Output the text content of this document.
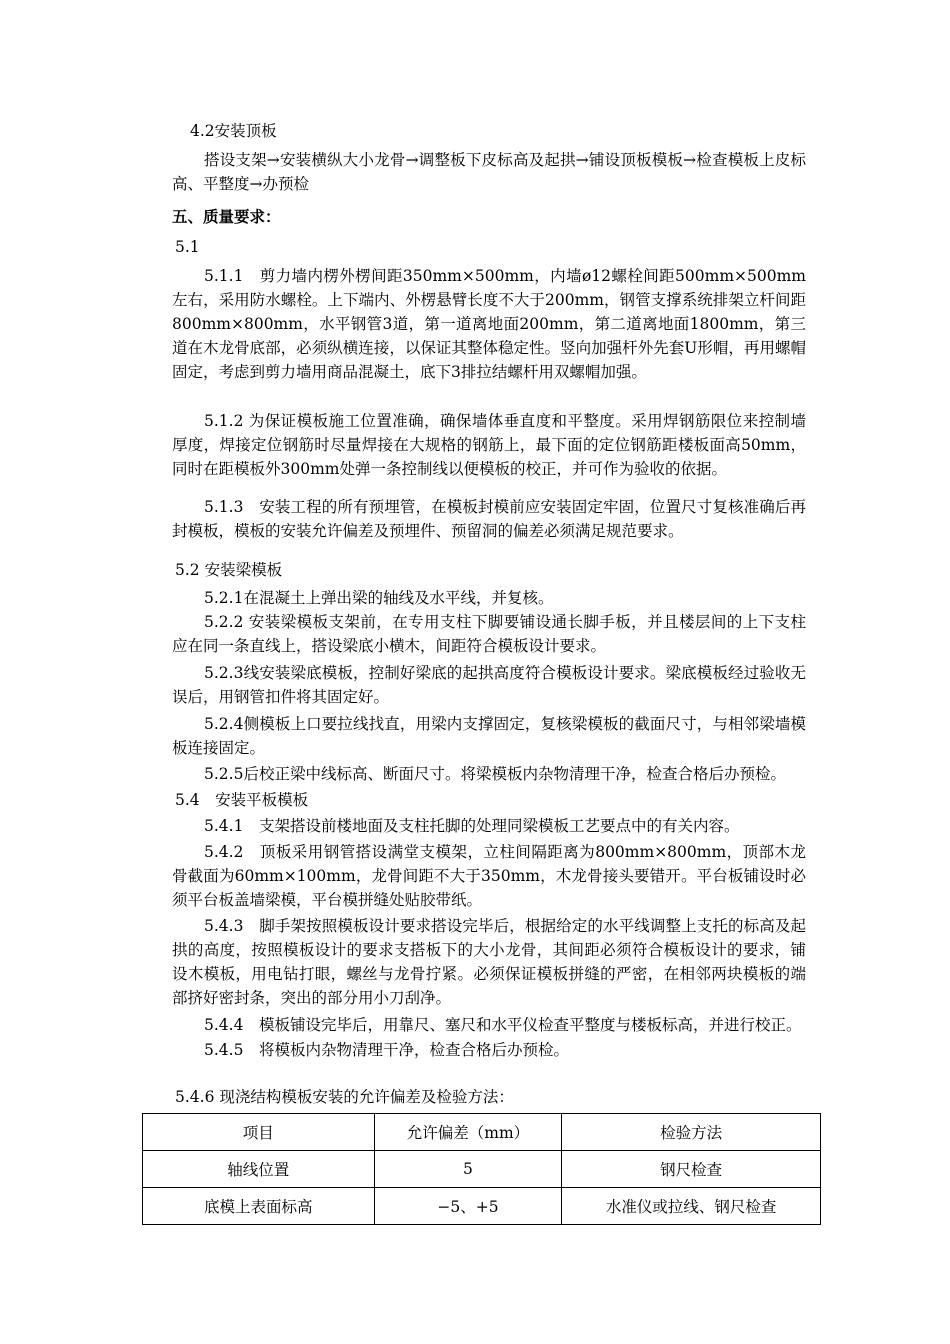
4.2安装顶板

搭设支架→安装横纵大小龙骨→调整板下皮标高及起拱→铺设顶板模板→检查模板上皮标高、平整度→办预检

五、质量要求：

5.1

5.1.1　剪力墙内楞外楞间距350mm×500mm，内墙ø12螺栓间距500mm×500mm左右，采用防水螺栓。上下端内、外楞悬臂长度不大于200mm，钢管支撑系统排架立杆间距800mm×800mm，水平钢管3道，第一道离地面200mm，第二道离地面1800mm，第三道在木龙骨底部，必须纵横连接，以保证其整体稳定性。竖向加强杆外先套U形帽，再用螺帽固定，考虑到剪力墙用商品混凝土，底下3排拉结螺杆用双螺帽加强。

5.1.2 为保证模板施工位置准确，确保墙体垂直度和平整度。采用焊钢筋限位来控制墙厚度，焊接定位钢筋时尽量焊接在大规格的钢筋上，最下面的定位钢筋距楼板面高50mm，同时在距模板外300mm处弹一条控制线以便模板的校正，并可作为验收的依据。

5.1.3　安装工程的所有预埋管，在模板封模前应安装固定牢固，位置尺寸复核准确后再封模板，模板的安装允许偏差及预埋件、预留洞的偏差必须满足规范要求。

5.2 安装梁模板

5.2.1在混凝土上弹出梁的轴线及水平线，并复核。

5.2.2 安装梁模板支架前，在专用支柱下脚要铺设通长脚手板，并且楼层间的上下支柱应在同一条直线上，搭设梁底小横木，间距符合模板设计要求。

5.2.3线安装梁底模板，控制好梁底的起拱高度符合模板设计要求。梁底模板经过验收无误后，用钢管扣件将其固定好。

5.2.4侧模板上口要拉线找直，用梁内支撑固定，复核梁模板的截面尺寸，与相邻梁墙模板连接固定。

5.2.5后校正梁中线标高、断面尺寸。将梁模板内杂物清理干净，检查合格后办预检。

5.4　安装平板模板

5.4.1　支架搭设前楼地面及支柱托脚的处理同梁模板工艺要点中的有关内容。

5.4.2　顶板采用钢管搭设满堂支模架，立柱间隔距离为800mm×800mm，顶部木龙骨截面为60mm×100mm，龙骨间距不大于350mm，木龙骨接头要错开。平台板铺设时必须平台板盖墙梁模，平台模拼缝处贴胶带纸。

5.4.3　脚手架按照模板设计要求搭设完毕后，根据给定的水平线调整上支托的标高及起拱的高度，按照模板设计的要求支搭板下的大小龙骨，其间距必须符合模板设计的要求，铺设木模板，用电钻打眼，螺丝与龙骨拧紧。必须保证模板拼缝的严密，在相邻两块模板的端部挤好密封条，突出的部分用小刀刮净。

5.4.4　模板铺设完毕后，用靠尺、塞尺和水平仪检查平整度与楼板标高，并进行校正。

5.4.5　将模板内杂物清理干净，检查合格后办预检。

5.4.6 现浇结构模板安装的允许偏差及检验方法：

项目	允许偏差（mm）	检验方法
轴线位置	5	钢尺检查
底模上表面标高	−5、+5	水准仪或拉线、钢尺检查
